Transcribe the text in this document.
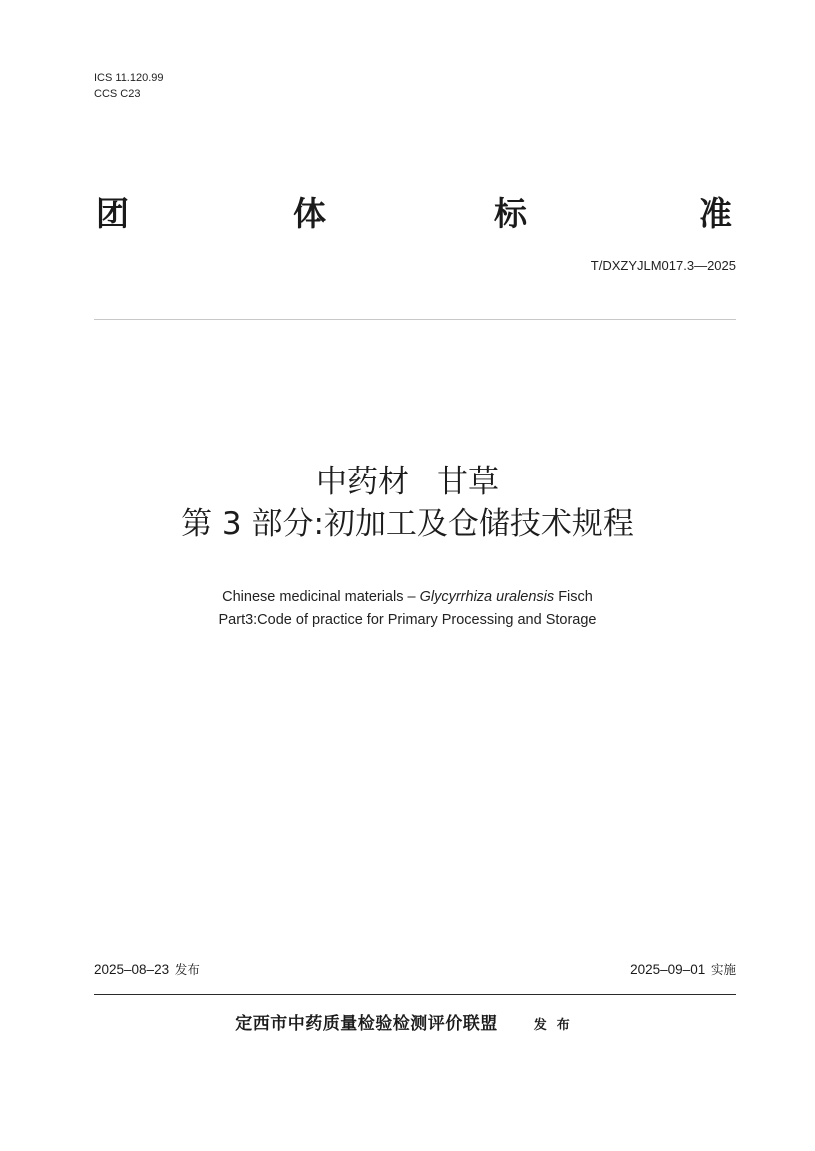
ICS 11.120.99
CCS C23
团	体	标	准
T/DXZYJLM017.3—2025
中药材 甘草
第 3 部分:初加工及仓储技术规程
Chinese medicinal materials – Glycyrrhiza uralensis Fisch
Part3:Code of practice for Primary Processing and Storage
2025–08–23 发布	2025–09–01 实施
定西市中药质量检验检测评价联盟	发布
